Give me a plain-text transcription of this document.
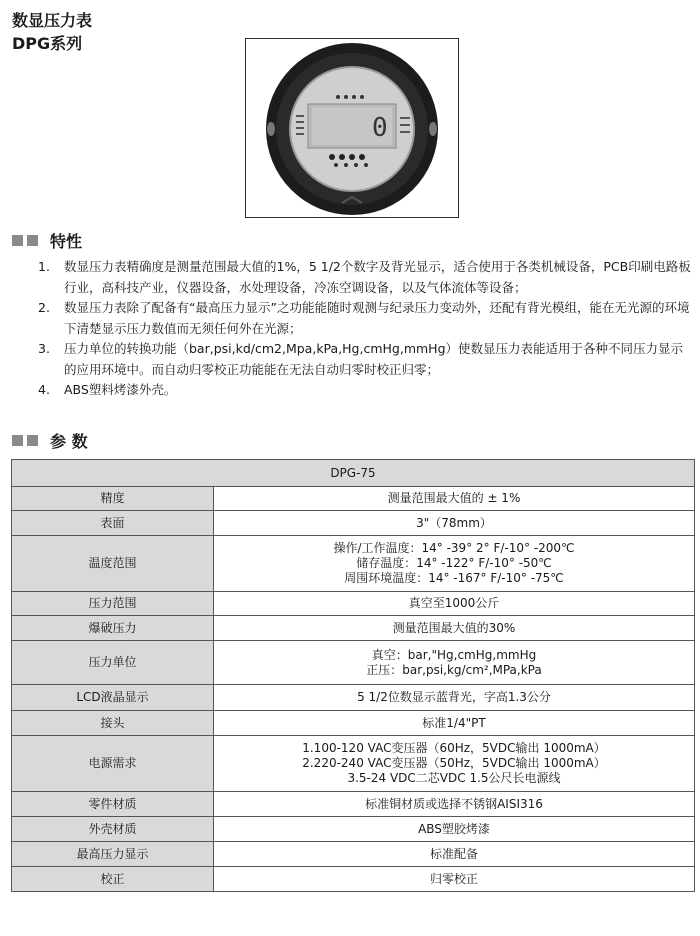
数显压力表
DPG系列
0
特性
1. 数显压力表精确度是测量范围最大值的1%，5 1/2个数字及背光显示，适合使用于各类机械设备，PCB印刷电路板行业，高科技产业，仪器设备，水处理设备，冷冻空调设备，以及气体流体等设备；
2. 数显压力表除了配备有“最高压力显示”之功能能随时观测与纪录压力变动外，还配有背光模组，能在无光源的环境下清楚显示压力数值而无须任何外在光源；
3. 压力单位的转换功能（bar,psi,kd/cm2,Mpa,kPa,Hg,cmHg,mmHg）使数显压力表能适用于各种不同压力显示的应用环境中。而自动归零校正功能能在无法自动归零时校正归零；
4. ABS塑料烤漆外壳。
参 数
DPG-75	
精度	测量范围最大值的 ± 1%

表面	3"（78mm）

温度范围	操作/工作温度：14° -39° 2° F/-10° -200℃
储存温度：14° -122° F/-10° -50℃
周围环境温度：14° -167° F/-10° -75℃

压力范围	真空至1000公斤

爆破压力	测量范围最大值的30%

压力单位	真空：bar,"Hg,cmHg,mmHg
正压：bar,psi,kg/cm²,MPa,kPa

LCD液晶显示	5 1/2位数显示蓝背光，字高1.3公分

接头	标准1/4"PT

电源需求	1.100-120 VAC变压器（60Hz，5VDC输出 1000mA）
2.220-240 VAC变压器（50Hz，5VDC输出 1000mA）
3.5-24 VDC二芯VDC 1.5公尺长电源线

零件材质	标准铜材质或选择不锈钢AISI316

外壳材质	ABS塑胶烤漆

最高压力显示	标准配备

校正	归零校正
